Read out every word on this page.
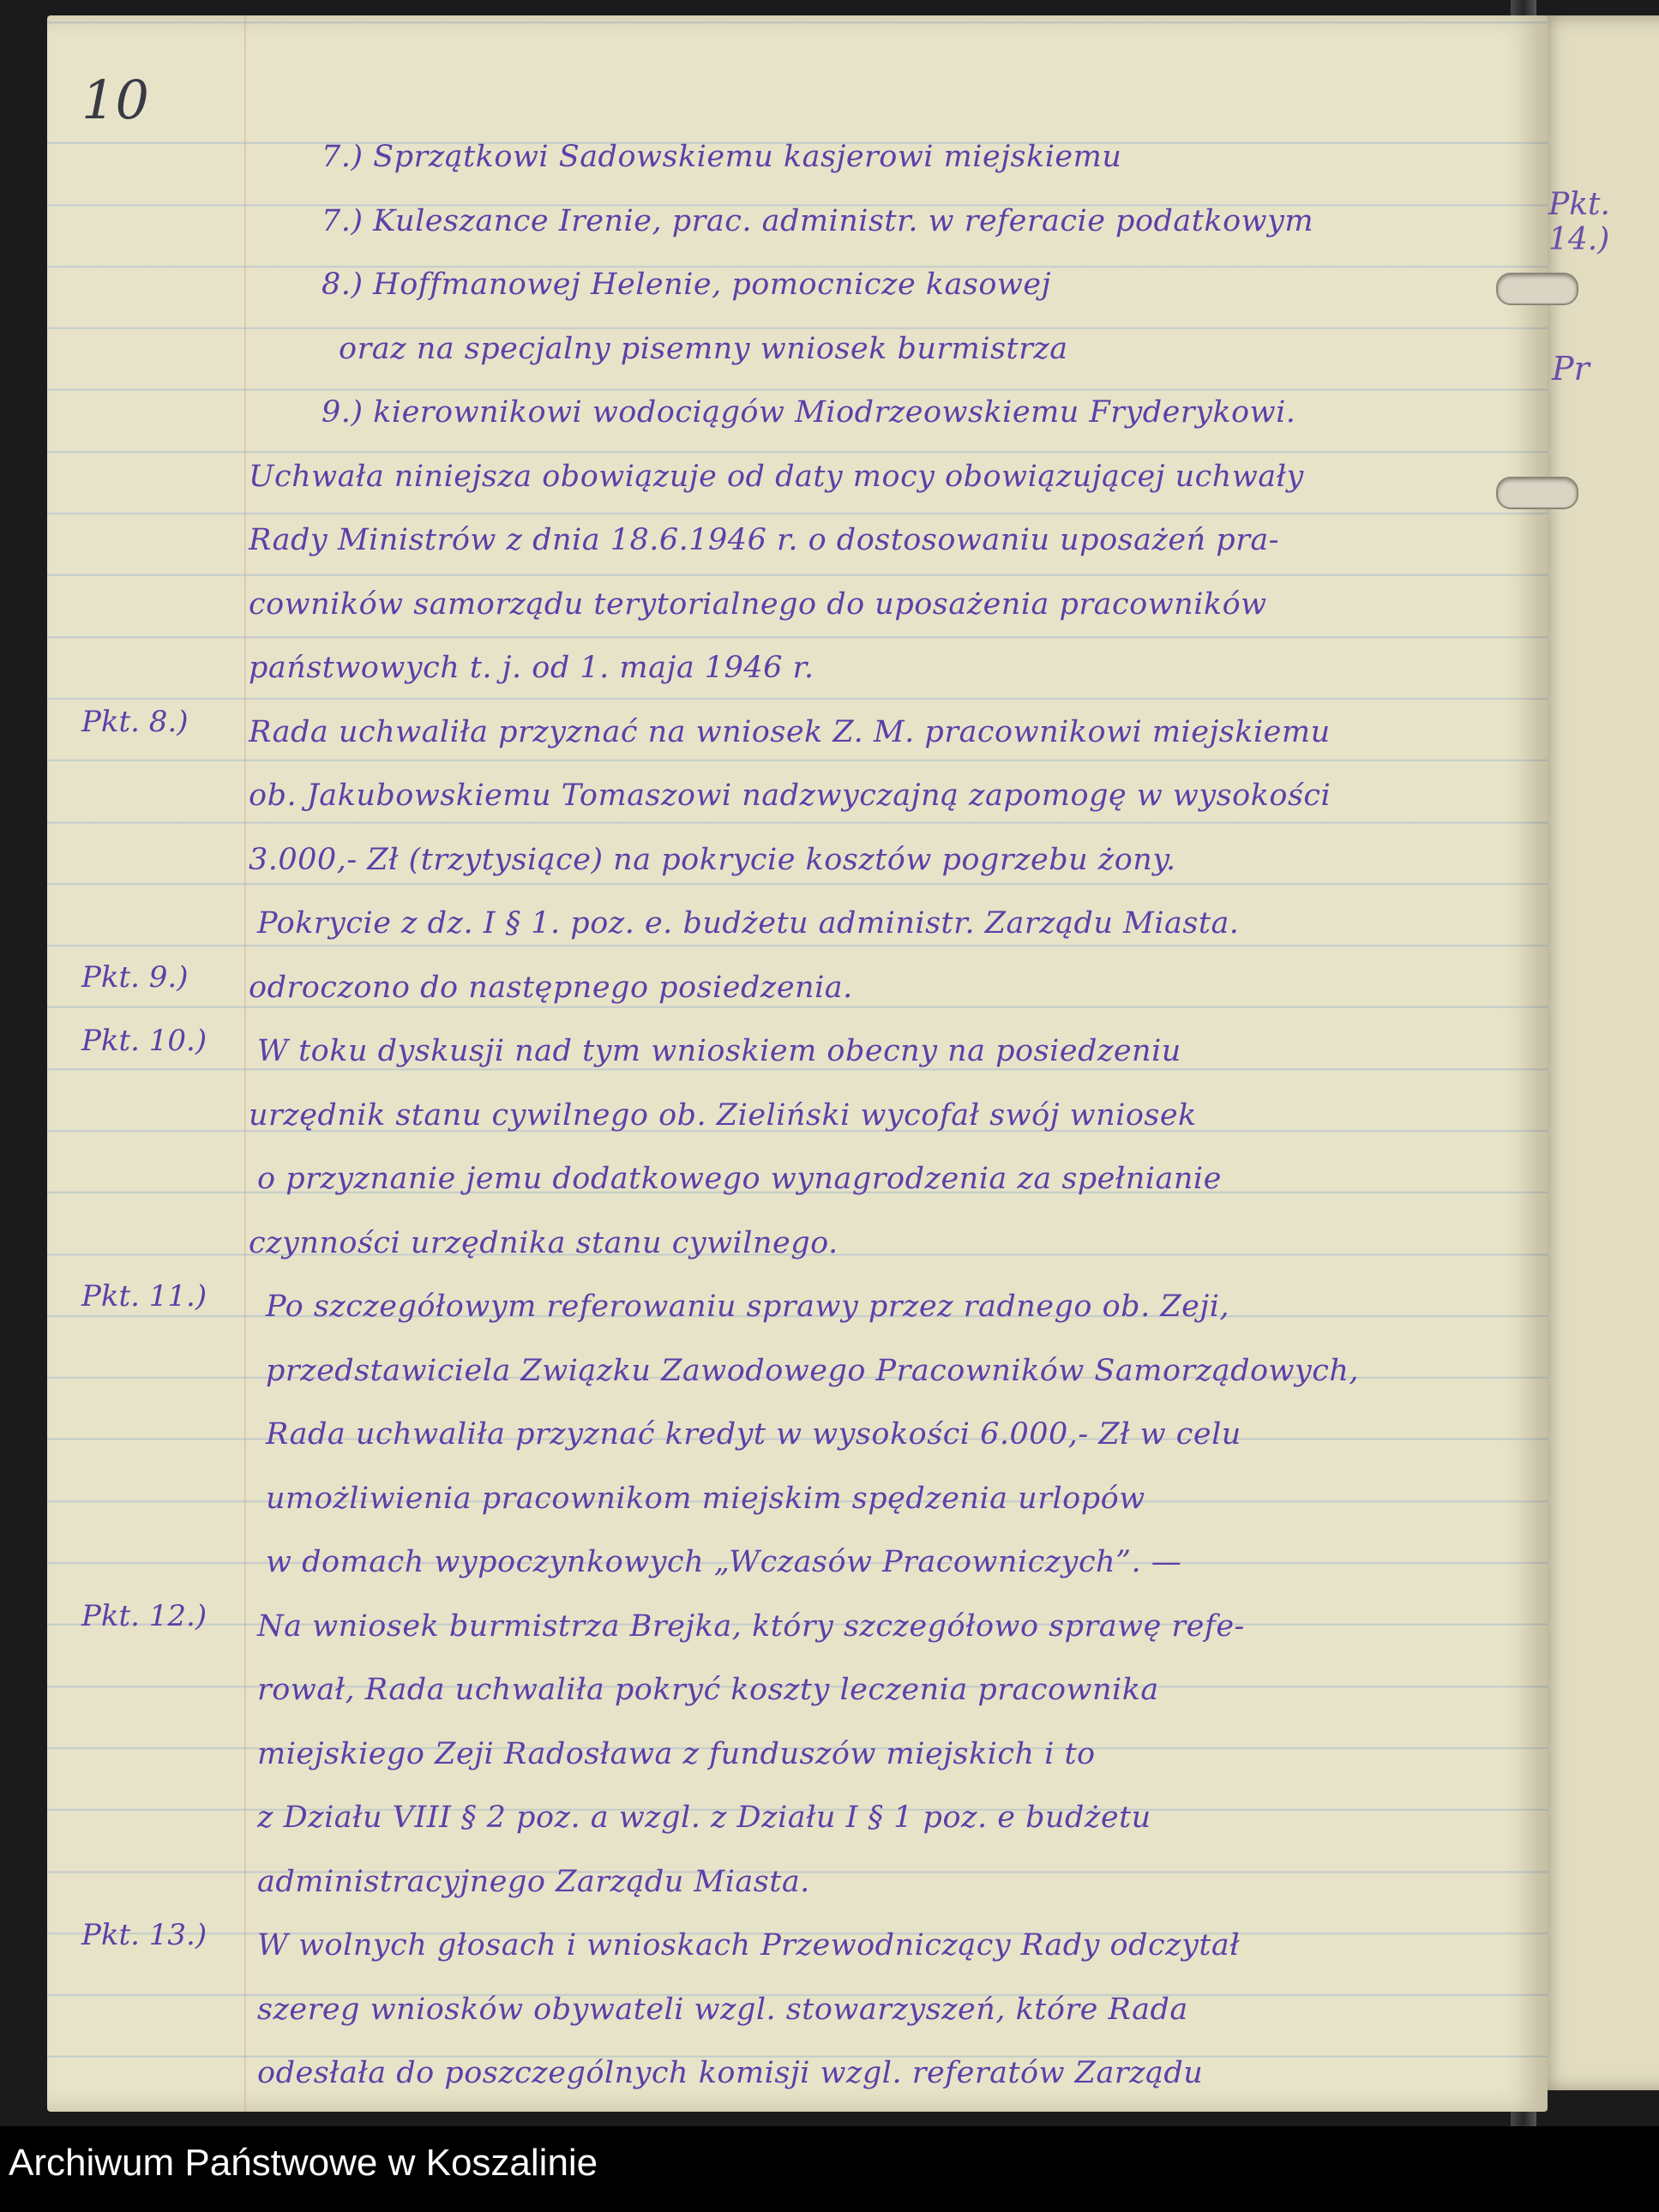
Pkt. 14.)
Pr
10
7.) Sprzątkowi Sadowskiemu kasjerowi miejskiemu
7.) Kuleszance Irenie, prac. administr. w referacie podatkowym
8.) Hoffmanowej Helenie, pomocnicze kasowej
oraz na specjalny pisemny wniosek burmistrza
9.) kierownikowi wodociągów Miodrzeowskiemu Fryderykowi.
Uchwała niniejsza obowiązuje od daty mocy obowiązującej uchwały
Rady Ministrów z dnia 18.6.1946 r. o dostosowaniu uposażeń pra-
cowników samorządu terytorialnego do uposażenia pracowników
państwowych t. j. od 1. maja 1946 r.
Rada uchwaliła przyznać na wniosek Z. M. pracownikowi miejskiemu
ob. Jakubowskiemu Tomaszowi nadzwyczajną zapomogę w wysokości
3.000,- Zł (trzytysiące) na pokrycie kosztów pogrzebu żony.
Pokrycie z dz. I § 1. poz. e. budżetu administr. Zarządu Miasta.
odroczono do następnego posiedzenia.
W toku dyskusji nad tym wnioskiem obecny na posiedzeniu
urzędnik stanu cywilnego ob. Zieliński wycofał swój wniosek
o przyznanie jemu dodatkowego wynagrodzenia za spełnianie
czynności urzędnika stanu cywilnego.
Po szczegółowym referowaniu sprawy przez radnego ob. Zeji,
przedstawiciela Związku Zawodowego Pracowników Samorządowych,
Rada uchwaliła przyznać kredyt w wysokości 6.000,- Zł w celu
umożliwienia pracownikom miejskim spędzenia urlopów
w domach wypoczynkowych „Wczasów Pracowniczych”. —
Na wniosek burmistrza Brejka, który szczegółowo sprawę refe-
rował, Rada uchwaliła pokryć koszty leczenia pracownika
miejskiego Zeji Radosława z funduszów miejskich i to
z Działu VIII § 2 poz. a wzgl. z Działu I § 1 poz. e budżetu
administracyjnego Zarządu Miasta.
W wolnych głosach i wnioskach Przewodniczący Rady odczytał
szereg wniosków obywateli wzgl. stowarzyszeń, które Rada
odesłała do poszczególnych komisji wzgl. referatów Zarządu
Pkt. 8.)
Pkt. 9.)
Pkt. 10.)
Pkt. 11.)
Pkt. 12.)
Pkt. 13.)
Archiwum Państwowe w Koszalinie
